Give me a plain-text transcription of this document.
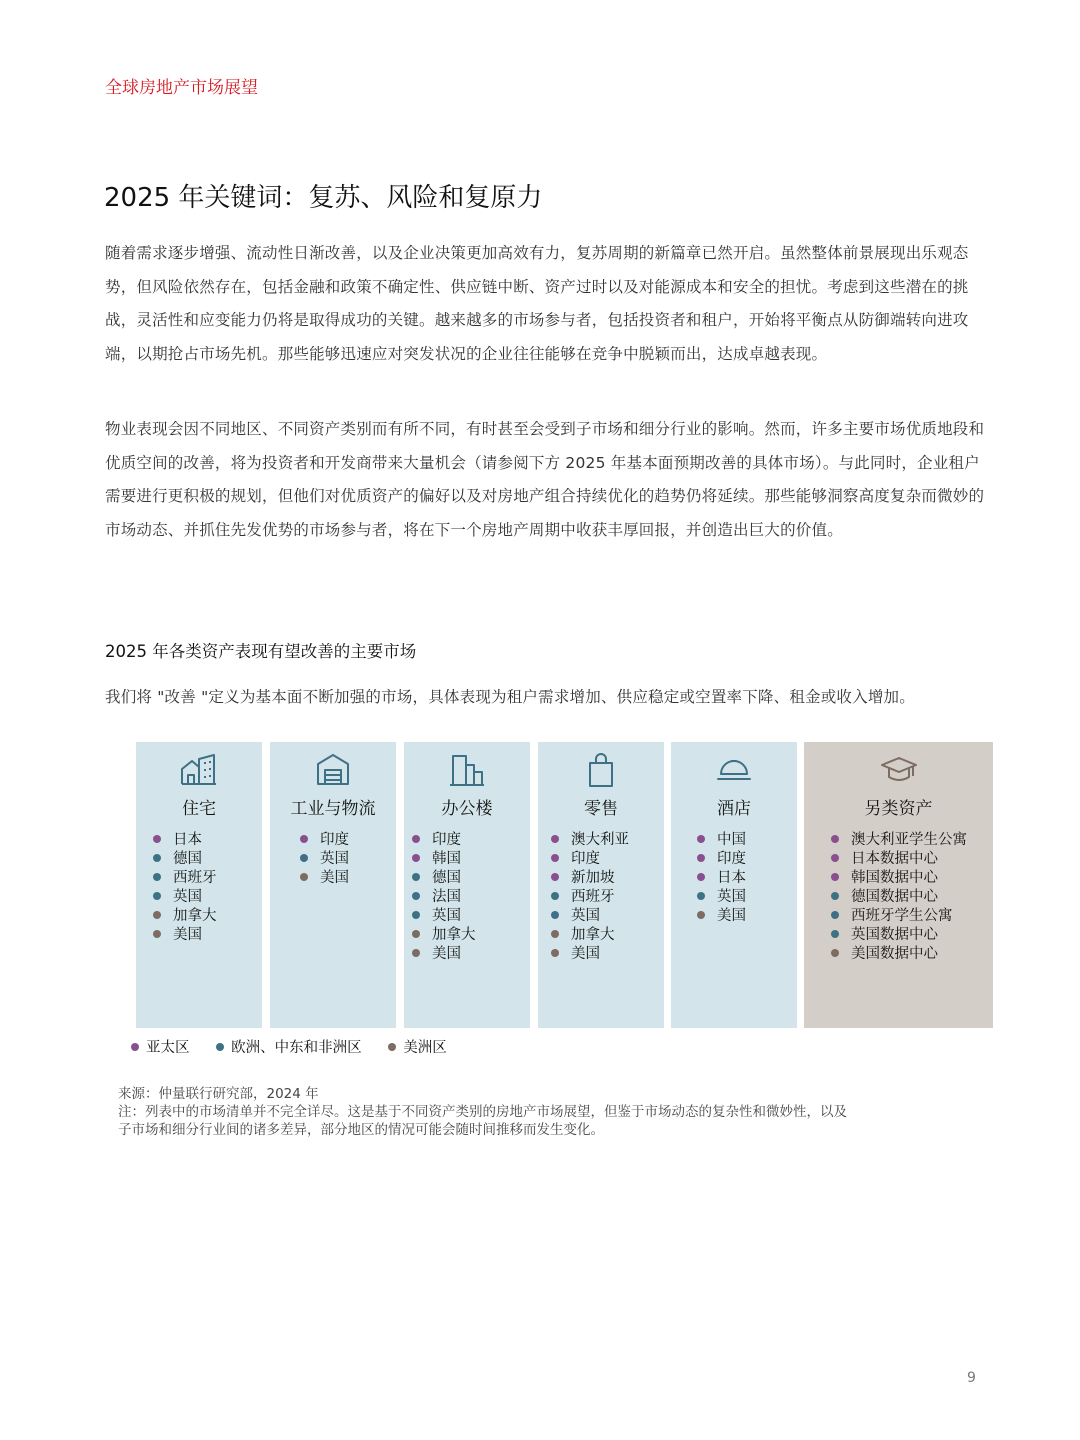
全球房地产市场展望
2025 年关键词：复苏、风险和复原力

随着需求逐步增强、流动性日渐改善，以及企业决策更加高效有力，复苏周期的新篇章已然开启。虽然整体前景展现出乐观态势，但风险依然存在，包括金融和政策不确定性、供应链中断、资产过时以及对能源成本和安全的担忧。考虑到这些潜在的挑战，灵活性和应变能力仍将是取得成功的关键。越来越多的市场参与者，包括投资者和租户，开始将平衡点从防御端转向进攻端，以期抢占市场先机。那些能够迅速应对突发状况的企业往往能够在竞争中脱颖而出，达成卓越表现。

物业表现会因不同地区、不同资产类别而有所不同，有时甚至会受到子市场和细分行业的影响。然而，许多主要市场优质地段和优质空间的改善，将为投资者和开发商带来大量机会（请参阅下方 2025 年基本面预期改善的具体市场）。与此同时，企业租户需要进行更积极的规划，但他们对优质资产的偏好以及对房地产组合持续优化的趋势仍将延续。那些能够洞察高度复杂而微妙的市场动态、并抓住先发优势的市场参与者，将在下一个房地产周期中收获丰厚回报，并创造出巨大的价值。

2025 年各类资产表现有望改善的主要市场

我们将 "改善 "定义为基本面不断加强的市场，具体表现为租户需求增加、供应稳定或空置率下降、租金或收入增加。

住宅
日本
德国
西班牙
英国
加拿大
美国
工业与物流
印度
英国
美国
办公楼
印度
韩国
德国
法国
英国
加拿大
美国
零售
澳大利亚
印度
新加坡
西班牙
英国
加拿大
美国
酒店
中国
印度
日本
英国
美国
另类资产
澳大利亚学生公寓
日本数据中心
韩国数据中心
德国数据中心
西班牙学生公寓
英国数据中心
美国数据中心
亚太区	欧洲、中东和非洲区	美洲区
来源：仲量联行研究部，2024 年
注：列表中的市场清单并不完全详尽。这是基于不同资产类别的房地产市场展望，但鉴于市场动态的复杂性和微妙性，以及
子市场和细分行业间的诸多差异，部分地区的情况可能会随时间推移而发生变化。
9
